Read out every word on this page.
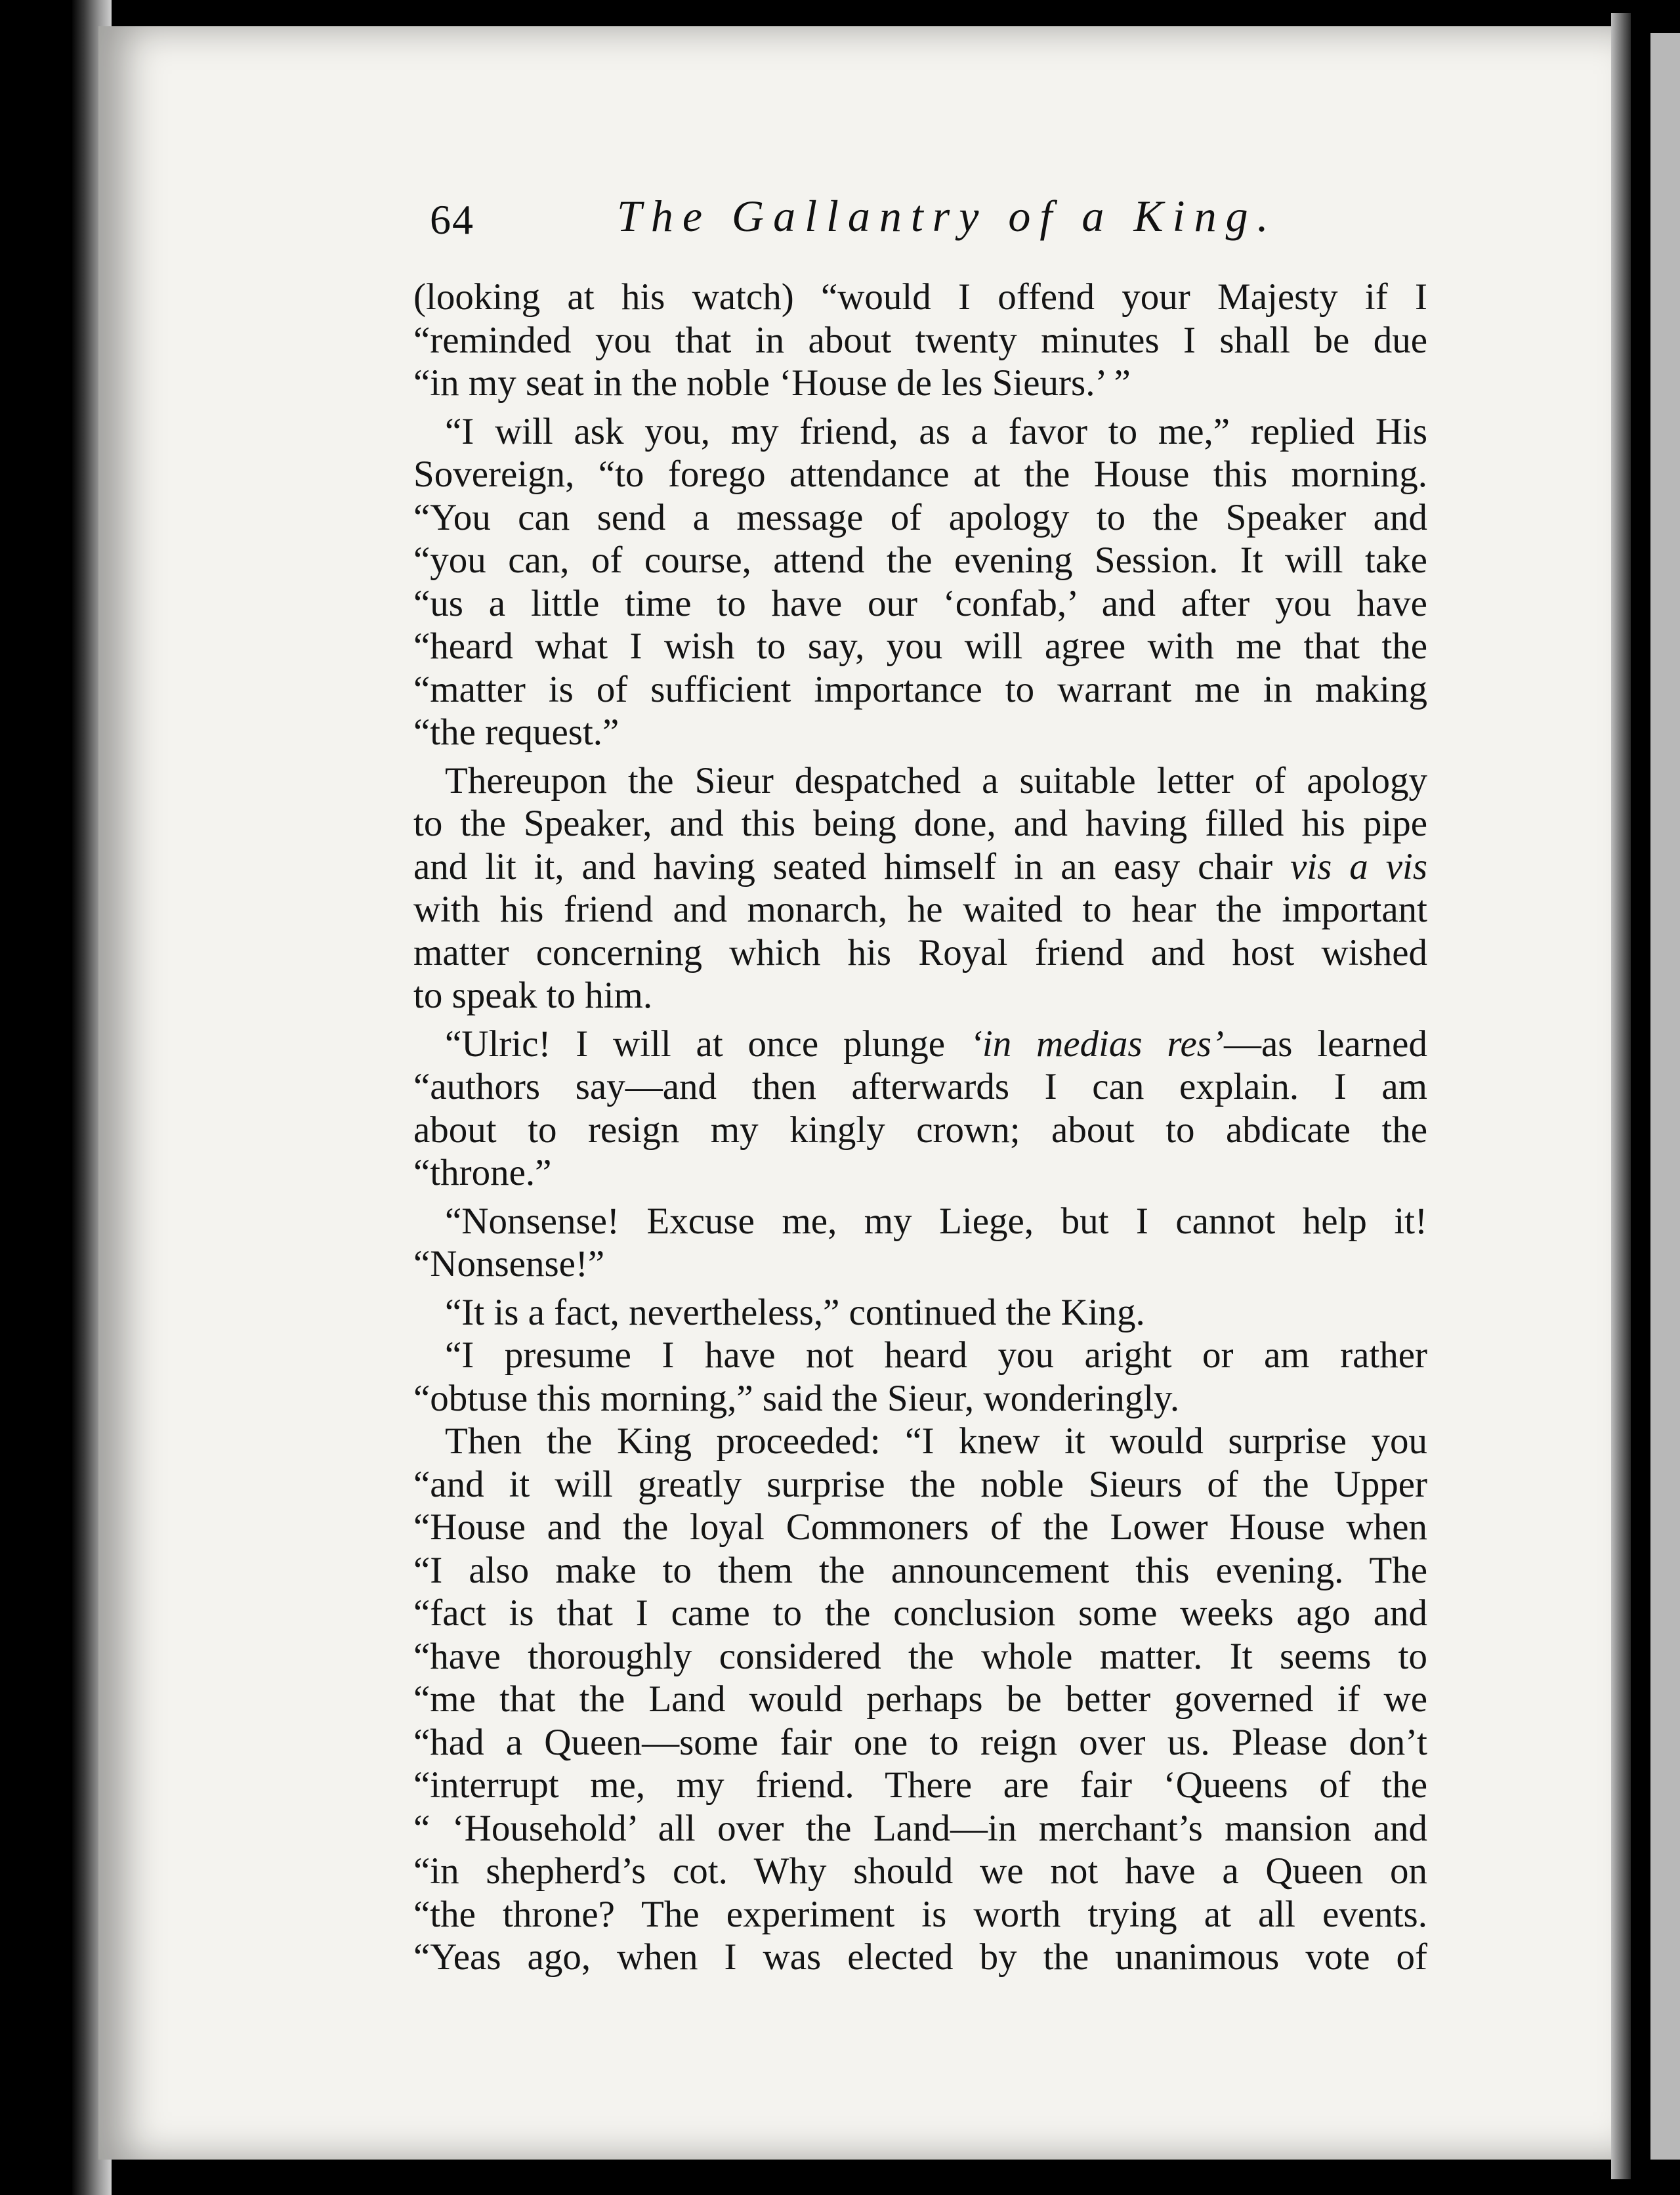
64	The Gallantry of a King.
(looking at his watch) “would I offend your Majesty if I
“reminded you that in about twenty minutes I shall be due
“in my seat in the noble ‘House de les Sieurs.’ ”
“I will ask you, my friend, as a favor to me,” replied His
Sovereign, “to forego attendance at the House this morning.
“You can send a message of apology to the Speaker and
“you can, of course, attend the evening Session. It will take
“us a little time to have our ‘confab,’ and after you have
“heard what I wish to say, you will agree with me that the
“matter is of sufficient importance to warrant me in making
“the request.”
Thereupon the Sieur despatched a suitable letter of apology
to the Speaker, and this being done, and having filled his pipe
and lit it, and having seated himself in an easy chair vis a vis
with his friend and monarch, he waited to hear the important
matter concerning which his Royal friend and host wished
to speak to him.
“Ulric! I will at once plunge ‘in medias res’—as learned
“authors say—and then afterwards I can explain. I am
about to resign my kingly crown; about to abdicate the
“throne.”
“Nonsense! Excuse me, my Liege, but I cannot help it!
“Nonsense!”
“It is a fact, nevertheless,” continued the King.
“I presume I have not heard you aright or am rather
“obtuse this morning,” said the Sieur, wonderingly.
Then the King proceeded: “I knew it would surprise you
“and it will greatly surprise the noble Sieurs of the Upper
“House and the loyal Commoners of the Lower House when
“I also make to them the announcement this evening. The
“fact is that I came to the conclusion some weeks ago and
“have thoroughly considered the whole matter. It seems to
“me that the Land would perhaps be better governed if we
“had a Queen—some fair one to reign over us. Please don’t
“interrupt me, my friend. There are fair ‘Queens of the
“ ‘Household’ all over the Land—in merchant’s mansion and
“in shepherd’s cot. Why should we not have a Queen on
“the throne? The experiment is worth trying at all events.
“Yeas ago, when I was elected by the unanimous vote of
